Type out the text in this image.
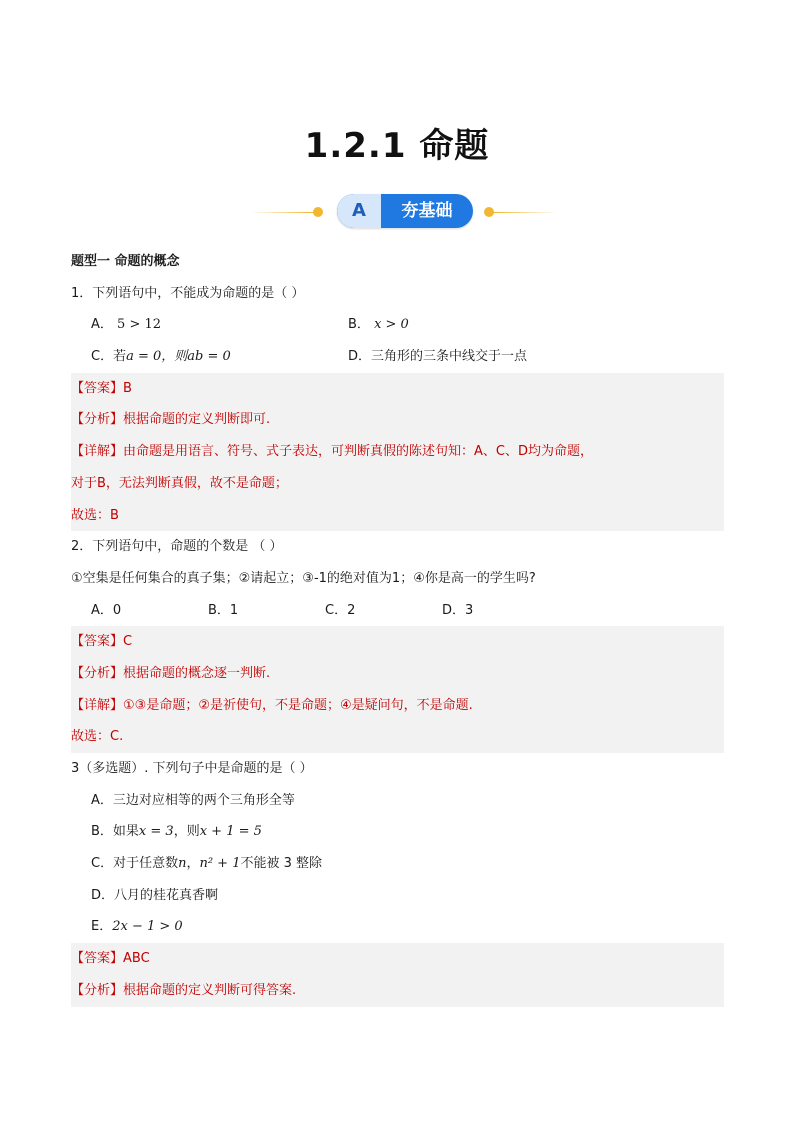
1.2.1 命题
A	夯基础
题型一 命题的概念
1．下列语句中，不能成为命题的是（ ）
A． 5 > 12	B． x > 0
C．若a = 0，则ab = 0	D．三角形的三条中线交于一点
【答案】B
【分析】根据命题的定义判断即可.
【详解】由命题是用语言、符号、式子表达，可判断真假的陈述句知：A、C、D均为命题，
对于B，无法判断真假，故不是命题；
故选：B
2．下列语句中，命题的个数是 （ ）
①空集是任何集合的真子集；②请起立；③-1的绝对值为1；④你是高一的学生吗?
A．0	B．1	C．2	D．3
【答案】C
【分析】根据命题的概念逐一判断.
【详解】①③是命题；②是祈使句，不是命题；④是疑问句，不是命题.
故选：C.
3（多选题）. 下列句子中是命题的是（ ）
A．三边对应相等的两个三角形全等
B．如果x = 3，则x + 1 = 5
C．对于任意数n，n² + 1不能被 3 整除
D．八月的桂花真香啊
E．2x − 1 > 0
【答案】ABC
【分析】根据命题的定义判断可得答案.
